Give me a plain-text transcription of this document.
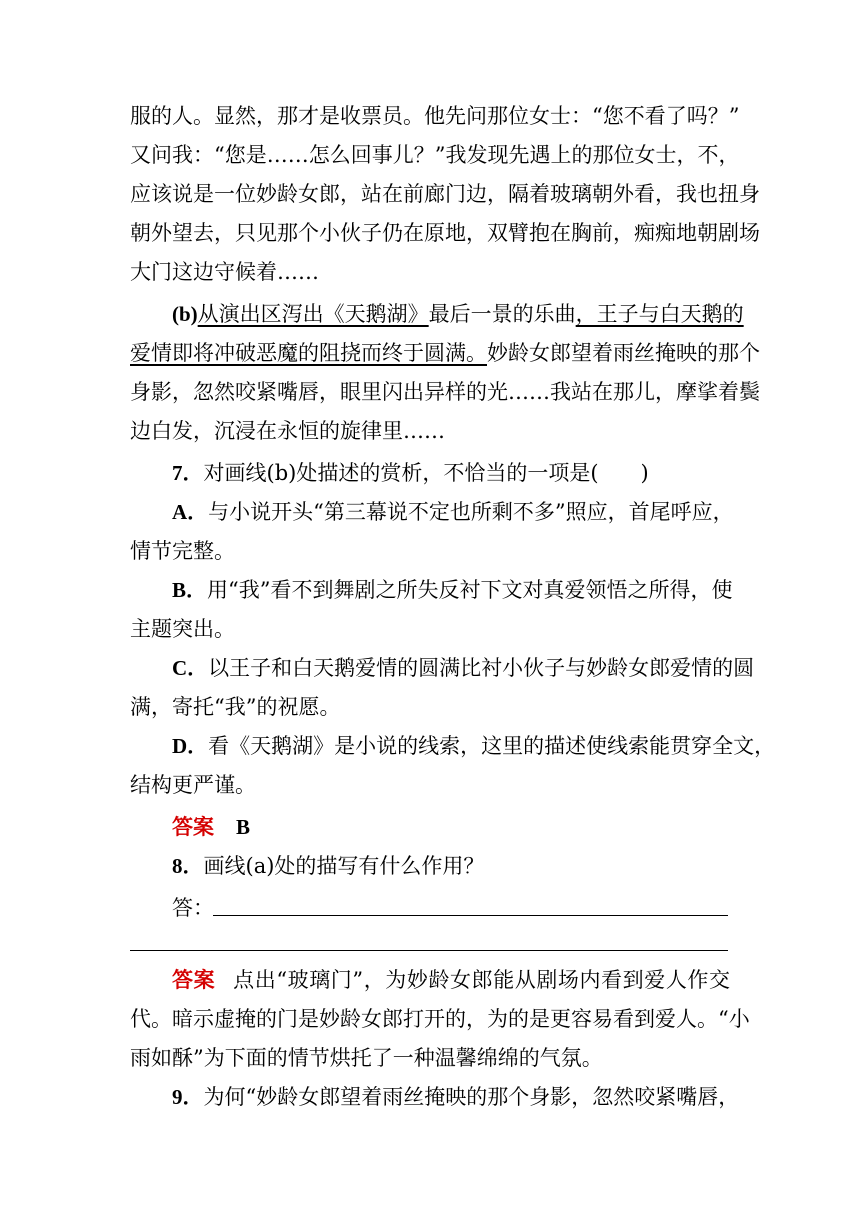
服的人。显然，那才是收票员。他先问那位女士：“您不看了吗？”
又问我：“您是……怎么回事儿？”我发现先遇上的那位女士，不，
应该说是一位妙龄女郎，站在前廊门边，隔着玻璃朝外看，我也扭身
朝外望去，只见那个小伙子仍在原地，双臂抱在胸前，痴痴地朝剧场
大门这边守候着……
(b)从演出区泻出《天鹅湖》最后一景的乐曲，王子与白天鹅的
爱情即将冲破恶魔的阻挠而终于圆满。妙龄女郎望着雨丝掩映的那个
身影，忽然咬紧嘴唇，眼里闪出异样的光……我站在那儿，摩挲着鬓
边白发，沉浸在永恒的旋律里……
7．对画线(b)处描述的赏析，不恰当的一项是(　　)
A．与小说开头“第三幕说不定也所剩不多”照应，首尾呼应，
情节完整。
B．用“我”看不到舞剧之所失反衬下文对真爱领悟之所得，使
主题突出。
C．以王子和白天鹅爱情的圆满比衬小伙子与妙龄女郎爱情的圆
满，寄托“我”的祝愿。
D．看《天鹅湖》是小说的线索，这里的描述使线索能贯穿全文，
结构更严谨。
答案 B
8．画线(a)处的描写有什么作用？
答：
答案 点出“玻璃门”，为妙龄女郎能从剧场内看到爱人作交
代。暗示虚掩的门是妙龄女郎打开的，为的是更容易看到爱人。“小
雨如酥”为下面的情节烘托了一种温馨绵绵的气氛。
9．为何“妙龄女郎望着雨丝掩映的那个身影，忽然咬紧嘴唇，
